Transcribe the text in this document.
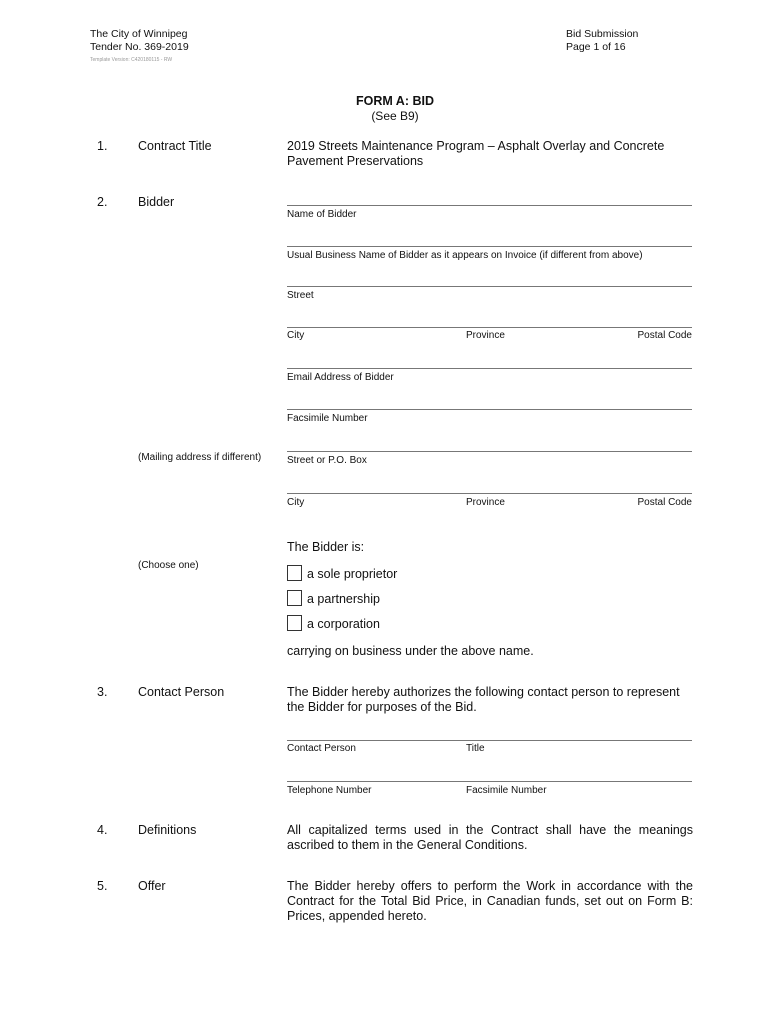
The City of Winnipeg
Tender No. 369-2019
Template Version: C420180115 - RW
Bid Submission
Page 1 of 16
FORM A: BID
(See B9)
1. Contract Title	2019 Streets Maintenance Program – Asphalt Overlay and Concrete
Pavement Preservations
2. Bidder
Name of Bidder
Usual Business Name of Bidder as it appears on Invoice (if different from above)
Street
City	Province	Postal Code
Email Address of Bidder
Facsimile Number
(Mailing address if different)	Street or P.O. Box
City	Province	Postal Code
The Bidder is:
(Choose one)
a sole proprietor
a partnership
a corporation
carrying on business under the above name.
3. Contact Person	The Bidder hereby authorizes the following contact person to represent
the Bidder for purposes of the Bid.
Contact Person	Title
Telephone Number	Facsimile Number
4. Definitions	All capitalized terms used in the Contract shall have the meanings
ascribed to them in the General Conditions.
5. Offer	The Bidder hereby offers to perform the Work in accordance with the
Contract for the Total Bid Price, in Canadian funds, set out on Form B:
Prices, appended hereto.
